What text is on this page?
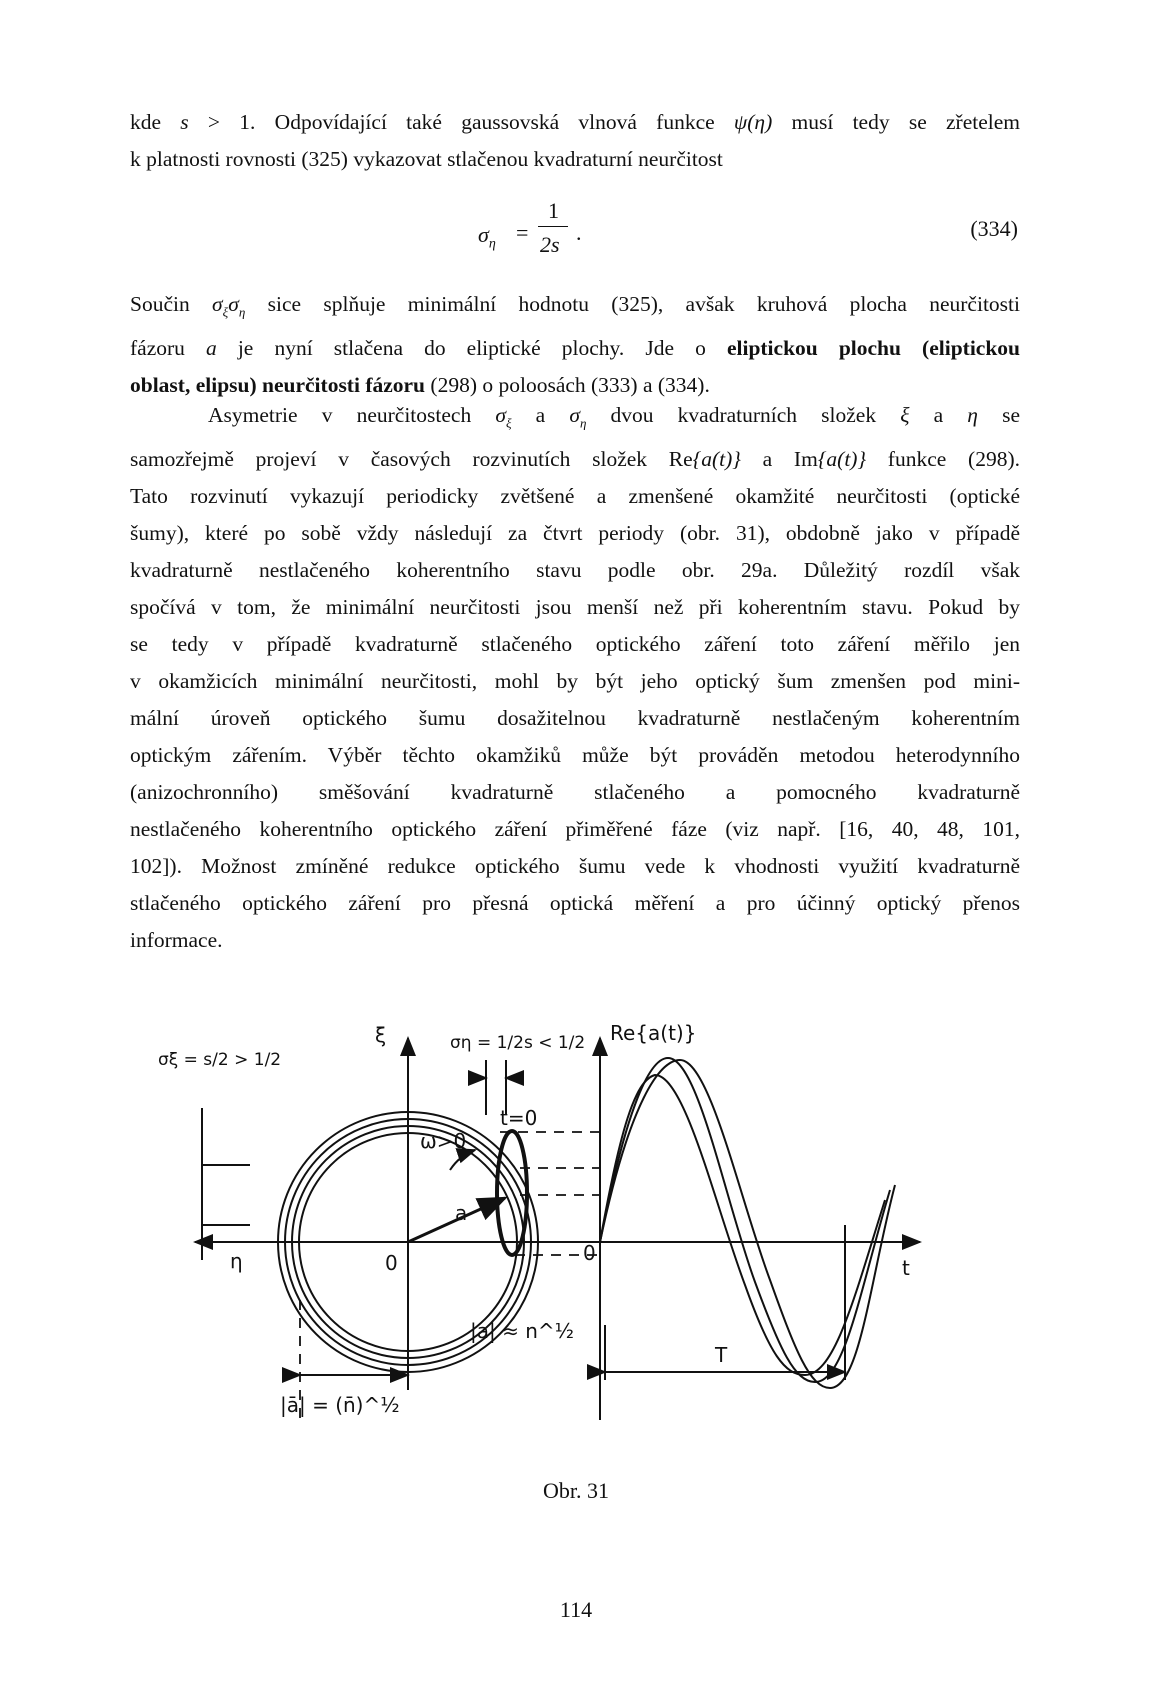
kde s > 1. Odpovídající také gaussovská vlnová funkce ψ(η) musí tedy se zřetelem
k platnosti rovnosti (325) vykazovat stlačenou kvadraturní neurčitost
$\sigma_\eta$ =
1
2s .	(334)
Součin $\sigma_\xi\sigma_\eta$ sice splňuje minimální hodnotu (325), avšak kruhová plocha neurčitosti
fázoru a je nyní stlačena do eliptické plochy. Jde o eliptickou plochu (eliptickou
oblast, elipsu) neurčitosti fázoru (298) o poloosách (333) a (334).
Asymetrie v neurčitostech $\sigma_\xi$ a $\sigma_\eta$ dvou kvadraturních složek ξ a η se
samozřejmě projeví v časových rozvinutích složek Re{a(t)} a Im{a(t)} funkce (298).
Tato rozvinutí vykazují periodicky zvětšené a zmenšené okamžité neurčitosti (optické
šumy), které po sobě vždy následují za čtvrt periody (obr. 31), obdobně jako v případě
kvadraturně nestlačeného koherentního stavu podle obr. 29a. Důležitý rozdíl však
spočívá v tom, že minimální neurčitosti jsou menší než při koherentním stavu. Pokud by
se tedy v případě kvadraturně stlačeného optického záření toto záření měřilo jen
v okamžicích minimální neurčitosti, mohl by být jeho optický šum zmenšen pod mini-
mální úroveň optického šumu dosažitelnou kvadraturně nestlačeným koherentním
optickým zářením. Výběr těchto okamžiků může být prováděn metodou heterodynního
(anizochronního) směšování kvadraturně stlačeného a pomocného kvadraturně
nestlačeného koherentního optického záření přiměřené fáze (viz např. [16, 40, 48, 101,
102]). Možnost zmíněné redukce optického šumu vede k vhodnosti využití kvadraturně
stlačeného optického záření pro přesná optická měření a pro účinný optický přenos
informace.
ξ
η	0	0
σξ = s/2 > 1/2
ση = 1/2s < 1/2
ω>0
a
t=0
|a| ≈ n^½
|ā| = (n̄)^½
Re{a(t)}
t
T
Obr. 31
114
